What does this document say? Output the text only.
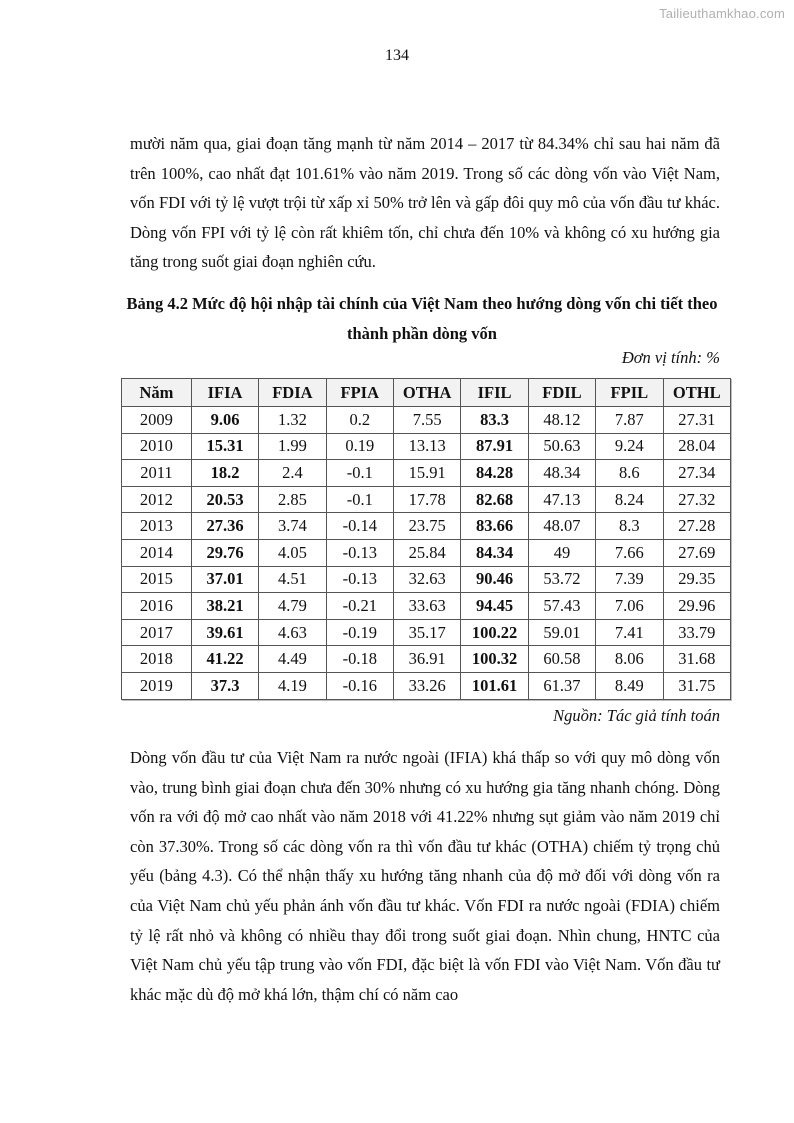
Tailieuthamkhao.com
134

mười năm qua, giai đoạn tăng mạnh từ năm 2014 – 2017 từ 84.34% chỉ sau hai năm đã trên 100%, cao nhất đạt 101.61% vào năm 2019. Trong số các dòng vốn vào Việt Nam, vốn FDI với tỷ lệ vượt trội từ xấp xỉ 50% trở lên và gấp đôi quy mô của vốn đầu tư khác. Dòng vốn FPI với tỷ lệ còn rất khiêm tốn, chỉ chưa đến 10% và không có xu hướng gia tăng trong suốt giai đoạn nghiên cứu.

Bảng 4.2 Mức độ hội nhập tài chính của Việt Nam theo hướng dòng vốn chi tiết theo thành phần dòng vốn

Đơn vị tính: %
Năm	IFIA	FDIA	FPIA	OTHA	IFIL	FDIL	FPIL	OTHL
2009	9.06	1.32	0.2	7.55	83.3	48.12	7.87	27.31
2010	15.31	1.99	0.19	13.13	87.91	50.63	9.24	28.04
2011	18.2	2.4	-0.1	15.91	84.28	48.34	8.6	27.34
2012	20.53	2.85	-0.1	17.78	82.68	47.13	8.24	27.32
2013	27.36	3.74	-0.14	23.75	83.66	48.07	8.3	27.28
2014	29.76	4.05	-0.13	25.84	84.34	49	7.66	27.69
2015	37.01	4.51	-0.13	32.63	90.46	53.72	7.39	29.35
2016	38.21	4.79	-0.21	33.63	94.45	57.43	7.06	29.96
2017	39.61	4.63	-0.19	35.17	100.22	59.01	7.41	33.79
2018	41.22	4.49	-0.18	36.91	100.32	60.58	8.06	31.68
2019	37.3	4.19	-0.16	33.26	101.61	61.37	8.49	31.75
Nguồn: Tác giả tính toán

Dòng vốn đầu tư của Việt Nam ra nước ngoài (IFIA) khá thấp so với quy mô dòng vốn vào, trung bình giai đoạn chưa đến 30% nhưng có xu hướng gia tăng nhanh chóng. Dòng vốn ra với độ mở cao nhất vào năm 2018 với 41.22% nhưng sụt giảm vào năm 2019 chỉ còn 37.30%. Trong số các dòng vốn ra thì vốn đầu tư khác (OTHA) chiếm tỷ trọng chủ yếu (bảng 4.3). Có thể nhận thấy xu hướng tăng nhanh của độ mở đối với dòng vốn ra của Việt Nam chủ yếu phản ánh vốn đầu tư khác. Vốn FDI ra nước ngoài (FDIA) chiếm tỷ lệ rất nhỏ và không có nhiều thay đổi trong suốt giai đoạn. Nhìn chung, HNTC của Việt Nam chủ yếu tập trung vào vốn FDI, đặc biệt là vốn FDI vào Việt Nam. Vốn đầu tư khác mặc dù độ mở khá lớn, thậm chí có năm cao
